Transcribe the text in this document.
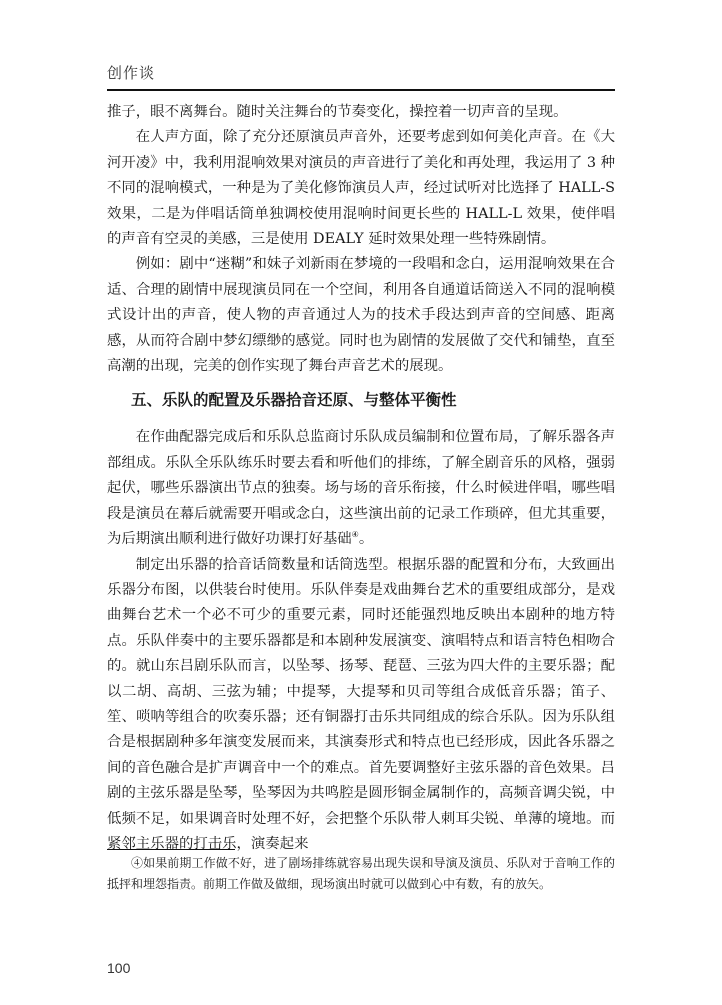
创作谈

推子，眼不离舞台。随时关注舞台的节奏变化，操控着一切声音的呈现。

在人声方面，除了充分还原演员声音外，还要考虑到如何美化声音。在《大河开凌》中，我利用混响效果对演员的声音进行了美化和再处理，我运用了 3 种不同的混响模式，一种是为了美化修饰演员人声，经过试听对比选择了 HALL-S 效果，二是为伴唱话筒单独调校使用混响时间更长些的 HALL-L 效果，使伴唱的声音有空灵的美感，三是使用 DEALY 延时效果处理一些特殊剧情。

例如：剧中“迷糊”和妹子刘新雨在梦境的一段唱和念白，运用混响效果在合适、合理的剧情中展现演员同在一个空间，利用各自通道话筒送入不同的混响模式设计出的声音，使人物的声音通过人为的技术手段达到声音的空间感、距离感，从而符合剧中梦幻缥缈的感觉。同时也为剧情的发展做了交代和铺垫，直至高潮的出现，完美的创作实现了舞台声音艺术的展现。

五、乐队的配置及乐器拾音还原、与整体平衡性

在作曲配器完成后和乐队总监商讨乐队成员编制和位置布局，了解乐器各声部组成。乐队全乐队练乐时要去看和听他们的排练，了解全剧音乐的风格，强弱起伏，哪些乐器演出节点的独奏。场与场的音乐衔接，什么时候进伴唱，哪些唱段是演员在幕后就需要开唱或念白，这些演出前的记录工作琐碎，但尤其重要，为后期演出顺利进行做好功课打好基础④。

制定出乐器的拾音话筒数量和话筒选型。根据乐器的配置和分布，大致画出乐器分布图，以供装台时使用。乐队伴奏是戏曲舞台艺术的重要组成部分，是戏曲舞台艺术一个必不可少的重要元素，同时还能强烈地反映出本剧种的地方特点。乐队伴奏中的主要乐器都是和本剧种发展演变、演唱特点和语言特色相吻合的。就山东吕剧乐队而言，以坠琴、扬琴、琵琶、三弦为四大件的主要乐器；配以二胡、高胡、三弦为辅；中提琴，大提琴和贝司等组合成低音乐器；笛子、笙、唢呐等组合的吹奏乐器；还有铜器打击乐共同组成的综合乐队。因为乐队组合是根据剧种多年演变发展而来，其演奏形式和特点也已经形成，因此各乐器之间的音色融合是扩声调音中一个的难点。首先要调整好主弦乐器的音色效果。吕剧的主弦乐器是坠琴，坠琴因为共鸣腔是圆形铜金属制作的，高频音调尖锐，中低频不足，如果调音时处理不好，会把整个乐队带人刺耳尖锐、单薄的境地。而紧邻主乐器的打击乐，演奏起来

④如果前期工作做不好，进了剧场排练就容易出现失误和导演及演员、乐队对于音响工作的抵抨和埋怨指责。前期工作做及做细，现场演出时就可以做到心中有数，有的放矢。

100
